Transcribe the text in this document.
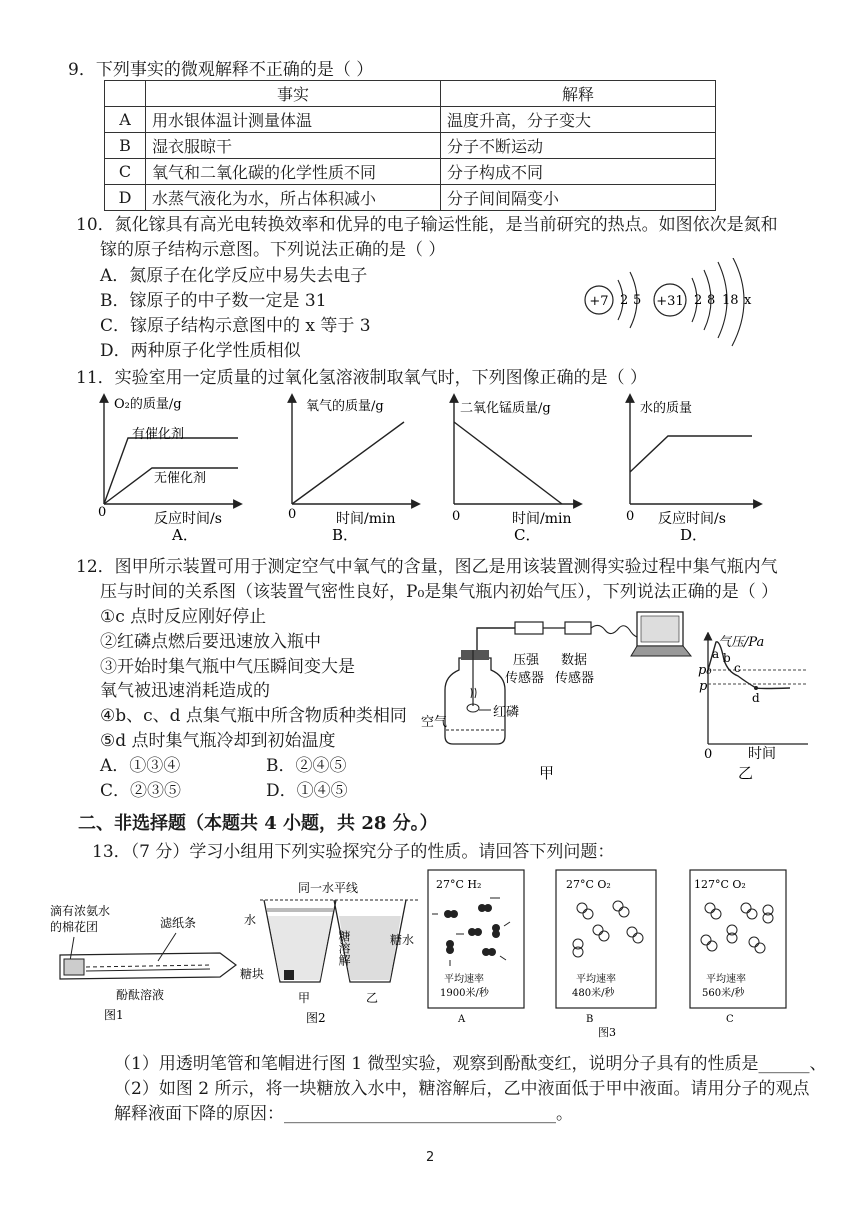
9．下列事实的微观解释不正确的是（ ）
	事实	解释
A	用水银体温计测量体温	温度升高，分子变大
B	湿衣服晾干	分子不断运动
C	氧气和二氧化碳的化学性质不同	分子构成不同
D	水蒸气液化为水，所占体积减小	分子间间隔变小
10．氮化镓具有高光电转换效率和优异的电子输运性能，是当前研究的热点。如图依次是氮和
镓的原子结构示意图。下列说法正确的是（ ）
A．氮原子在化学反应中易失去电子
B．镓原子的中子数一定是 31
C．镓原子结构示意图中的 x 等于 3
D．两种原子化学性质相似
+7 2 5 +31 2 8 18 x
11．实验室用一定质量的过氧化氢溶液制取氧气时，下列图像正确的是（ ）
O₂的质量/g
有催化剂
无催化剂
0	反应时间/s
A．
氧气的质量/g
0	时间/min
B．
二氧化锰质量/g
0	时间/min
C．
水的质量
0 反应时间/s
D．
12．图甲所示装置可用于测定空气中氧气的含量，图乙是用该装置测得实验过程中集气瓶内气
压与时间的关系图（该装置气密性良好，P₀是集气瓶内初始气压），下列说法正确的是（ ）
①c 点时反应刚好停止
②红磷点燃后要迅速放入瓶中
③开始时集气瓶中气压瞬间变大是
氧气被迅速消耗造成的
④b、c、d 点集气瓶中所含物质种类相同
⑤d 点时集气瓶冷却到初始温度
A．①③④	B．②④⑤
C．②③⑤	D．①④⑤
压强
传感器
数据
传感器
红磷
空气
甲
气压/Pa
p₀
p
a b
c
d
0	时间
乙
二、非选择题（本题共 4 小题，共 28 分。）
13．（7 分）学习小组用下列实验探究分子的性质。请回答下列问题：
滴有浓氨水
的棉花团	滤纸条
酚酞溶液
图1
同一水平线
水
糖块
糖溶解	糖水
甲	乙
图2
27°C H₂
平均速率
1900米/秒
A
27°C O₂
平均速率
480米/秒
B
127°C O₂
平均速率
560米/秒
C
图3
（1）用透明笔管和笔帽进行图 1 微型实验，观察到酚酞变红，说明分子具有的性质是______、
（2）如图 2 所示，将一块糖放入水中，糖溶解后，乙中液面低于甲中液面。请用分子的观点
解释液面下降的原因：________________________________。
2
